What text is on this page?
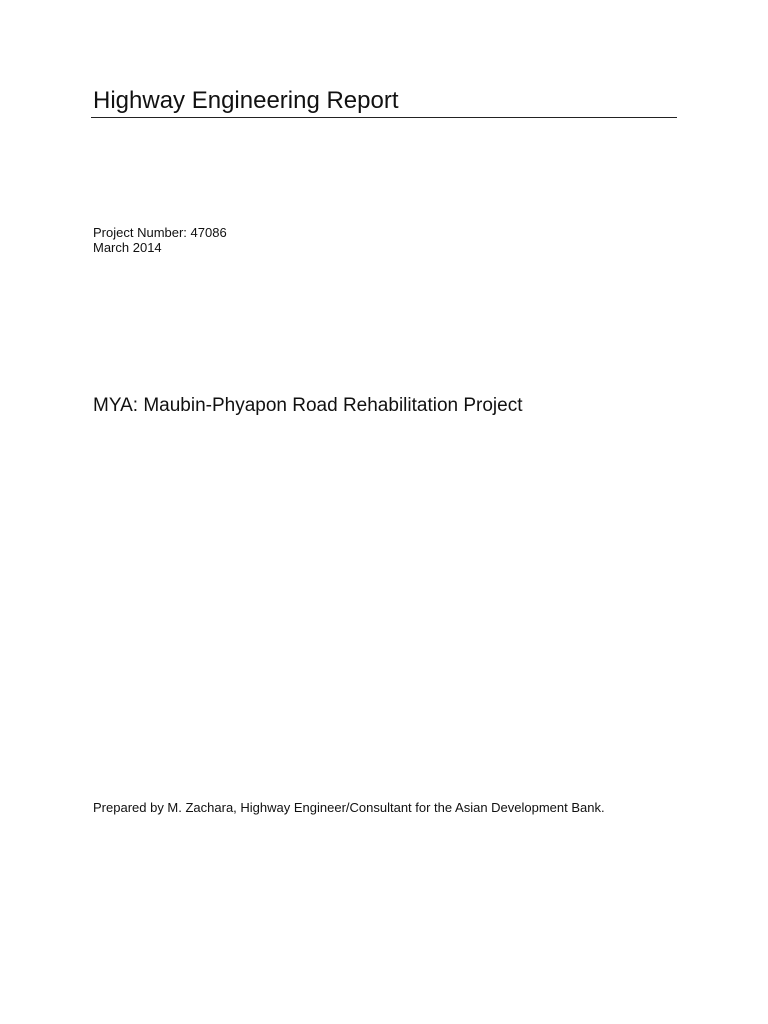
Highway Engineering Report
Project Number: 47086
March 2014
MYA: Maubin-Phyapon Road Rehabilitation Project

Prepared by M. Zachara, Highway Engineer/Consultant for the Asian Development Bank.
